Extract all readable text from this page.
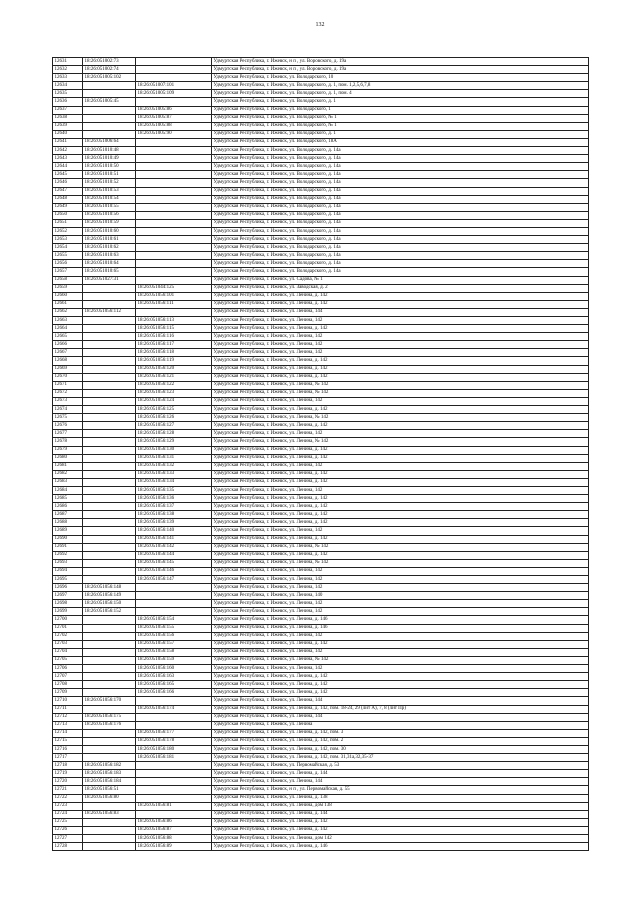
132
12631	18:26:051002:73		Удмуртская Республика, г. Ижевск, н п , ул. Воровского, д. 19а
12632	18:26:051002:74		Удмуртская Республика, г. Ижевск, н п , ул. Воровского, д. 19а
12633	18:26:051005:102		Удмуртская Республика, г. Ижевск, ул. Володарского, 10
12634		18:26:051007:101	Удмуртская Республика, г. Ижевск, ул. Володарского, д. 1, пом. 1,2,5,6,7,8
12635		18:26:051005:109	Удмуртская Республика, г. Ижевск, ул. Володарского, д. 1, пом. 4
12636	18:26:051005:45		Удмуртская Республика, г. Ижевск, ул. Володарского, д. 1
12637		18:26:051005:86	Удмуртская Республика, г. Ижевск, ул. Володарского, 1
12638		18:26:051005:87	Удмуртская Республика, г. Ижевск, ул. Володарского, № 1
12639		18:26:051005:88	Удмуртская Республика, г. Ижевск, ул. Володарского, № 1
12640		18:26:051005:90	Удмуртская Республика, г. Ижевск, ул. Володарского, д. 1
12641	18:26:051006:64		Удмуртская Республика, г. Ижевск, ул. Володарского, 18А
12642	18:26:051010:48		Удмуртская Республика, г. Ижевск, ул. Володарского, д. 14а
12643	18:26:051010:49		Удмуртская Республика, г. Ижевск, ул. Володарского, д. 14а
12644	18:26:051010:50		Удмуртская Республика, г. Ижевск, ул. Володарского, д. 14а
12645	18:26:051010:51		Удмуртская Республика, г. Ижевск, ул. Володарского, д. 14а
12646	18:26:051010:52		Удмуртская Республика, г. Ижевск, ул. Володарского, д. 14а
12647	18:26:051010:53		Удмуртская Республика, г. Ижевск, ул. Володарского, д. 14а
12648	18:26:051010:54		Удмуртская Республика, г. Ижевск, ул. Володарского, д. 14а
12649	18:26:051010:55		Удмуртская Республика, г. Ижевск, ул. Володарского, д. 14а
12650	18:26:051010:56		Удмуртская Республика, г. Ижевск, ул. Володарского, д. 14а
12651	18:26:051010:59		Удмуртская Республика, г. Ижевск, ул. Володарского, д. 14а
12652	18:26:051010:60		Удмуртская Республика, г. Ижевск, ул. Володарского, д. 14а
12653	18:26:051010:61		Удмуртская Республика, г. Ижевск, ул. Володарского, д. 14а
12654	18:26:051010:62		Удмуртская Республика, г. Ижевск, ул. Володарского, д. 14а
12655	18:26:051010:63		Удмуртская Республика, г. Ижевск, ул. Володарского, д. 14а
12656	18:26:051010:64		Удмуртская Республика, г. Ижевск, ул. Володарского, д. 14а
12657	18:26:051010:65		Удмуртская Республика, г. Ижевск, ул. Володарского, д. 14а
12658	18:26:051027:31		Удмуртская Республика, г. Ижевск, ул. Садова, № 1
12659		18:26:051044:125	Удмуртская Республика, г. Ижевск, ул. Заводская, д. 2
12660		18:26:051056:101	Удмуртская Республика, г. Ижевск, ул. Ленина, д. 142
12661		18:26:051056:111	Удмуртская Республика, г. Ижевск, ул. Ленина, д. 142
12662	18:26:051056:112		Удмуртская Республика, г. Ижевск, ул. Ленина, 144
12663		18:26:051056:113	Удмуртская Республика, г. Ижевск, ул. Ленина, 142
12664		18:26:051056:115	Удмуртская Республика, г. Ижевск, ул. Ленина, д. 142
12665		18:26:051056:116	Удмуртская Республика, г. Ижевск, ул. Ленина, 142
12666		18:26:051056:117	Удмуртская Республика, г. Ижевск, ул. Ленина, 142
12667		18:26:051056:118	Удмуртская Республика, г. Ижевск, ул. Ленина, 142
12668		18:26:051056:119	Удмуртская Республика, г. Ижевск, ул. Ленина, д. 142
12669		18:26:051056:120	Удмуртская Республика, г. Ижевск, ул. Ленина, д. 142
12670		18:26:051056:121	Удмуртская Республика, г. Ижевск, ул. Ленина, д. 142
12671		18:26:051056:122	Удмуртская Республика, г. Ижевск, ул. Ленина, № 142
12672		18:26:051056:123	Удмуртская Республика, г. Ижевск, ул. Ленина, № 142
12673		18:26:051056:124	Удмуртская Республика, г. Ижевск, ул. Ленина, 142
12674		18:26:051056:125	Удмуртская Республика, г. Ижевск, ул. Ленина, д. 142
12675		18:26:051056:126	Удмуртская Республика, г. Ижевск, ул. Ленина, № 142
12676		18:26:051056:127	Удмуртская Республика, г. Ижевск, ул. Ленина, д. 142
12677		18:26:051056:128	Удмуртская Республика, г. Ижевск, ул. Ленина, 142
12678		18:26:051056:129	Удмуртская Республика, г. Ижевск, ул. Ленина, № 142
12679		18:26:051056:130	Удмуртская Республика, г. Ижевск, ул. Ленина, д. 142
12680		18:26:051056:131	Удмуртская Республика, г. Ижевск, ул. Ленина, д. 142
12681		18:26:051056:132	Удмуртская Республика, г. Ижевск, ул. Ленина, 142
12682		18:26:051056:133	Удмуртская Республика, г. Ижевск, ул. Ленина, д. 142
12683		18:26:051056:134	Удмуртская Республика, г. Ижевск, ул. Ленина, д. 142
12684		18:26:051056:135	Удмуртская Республика, г. Ижевск, ул. Ленина, 142
12685		18:26:051056:136	Удмуртская Республика, г. Ижевск, ул. Ленина, д. 142
12686		18:26:051056:137	Удмуртская Республика, г. Ижевск, ул. Ленина, д. 142
12687		18:26:051056:138	Удмуртская Республика, г. Ижевск, ул. Ленина, д. 142
12688		18:26:051056:139	Удмуртская Республика, г. Ижевск, ул. Ленина, д. 142
12689		18:26:051056:140	Удмуртская Республика, г. Ижевск, ул. Ленина, 142
12690		18:26:051056:141	Удмуртская Республика, г. Ижевск, ул. Ленина, д. 142
12691		18:26:051056:142	Удмуртская Республика, г. Ижевск, ул. Ленина, № 142
12692		18:26:051056:144	Удмуртская Республика, г. Ижевск, ул. Ленина, д. 142
12693		18:26:051056:145	Удмуртская Республика, г. Ижевск, ул. Ленина, № 142
12694		18:26:051056:146	Удмуртская Республика, г. Ижевск, ул. Ленина, 142
12695		18:26:051056:147	Удмуртская Республика, г. Ижевск, ул. Ленина, 142
12696	18:26:051056:148		Удмуртская Республика, г. Ижевск, ул. Ленина, 142
12697	18:26:051056:149		Удмуртская Республика, г. Ижевск, ул. Ленина, 140
12698	18:26:051056:150		Удмуртская Республика, г. Ижевск, ул. Ленина, 142
12699	18:26:051056:152		Удмуртская Республика, г. Ижевск, ул. Ленина, 142
12700		18:26:051056:154	Удмуртская Республика, г. Ижевск, ул. Ленина, д. 146
12701		18:26:051056:155	Удмуртская Республика, г. Ижевск, ул. Ленина, д. 146
12702		18:26:051056:156	Удмуртская Республика, г. Ижевск, ул. Ленина, 142
12703		18:26:051056:157	Удмуртская Республика, г. Ижевск, ул. Ленина, д. 142
12704		18:26:051056:158	Удмуртская Республика, г. Ижевск, ул. Ленина, 142
12705		18:26:051056:159	Удмуртская Республика, г. Ижевск, ул. Ленина, № 142
12706		18:26:051056:160	Удмуртская Республика, г. Ижевск, ул. Ленина, 142
12707		18:26:051056:163	Удмуртская Республика, г. Ижевск, ул. Ленина, д. 142
12708		18:26:051056:165	Удмуртская Республика, г. Ижевск, ул. Ленина, д. 142
12709		18:26:051056:166	Удмуртская Республика, г. Ижевск, ул. Ленина, д. 142
12710	18:26:051056:170		Удмуртская Республика, г. Ижевск, ул. Ленина, 144
12711		18:26:051056:174	Удмуртская Республика, г. Ижевск, ул. Ленина, д. 142, пом. 18-24, 29 (лит А), 7, 8 (лит Пр)
12712	18:26:051056:175		Удмуртская Республика, г. Ижевск, ул. Ленина, 144
12713	18:26:051056:176		Удмуртская Республика, г. Ижевск, ул. Ленина
12714		18:26:051056:177	Удмуртская Республика, г. Ижевск, ул. Ленина, д. 142, пом. 3
12715		18:26:051056:178	Удмуртская Республика, г. Ижевск, ул. Ленина, д. 142, пом. 2
12716		18:26:051056:180	Удмуртская Республика, г. Ижевск, ул. Ленина, д. 142, пом. 30
12717		18:26:051056:181	Удмуртская Республика, г. Ижевск, ул. Ленина, д. 142, пом. 31,31а,32,35-37
12718	18:26:051056:182		Удмуртская Республика, г. Ижевск, ул. Первомайская, д. 53
12719	18:26:051056:183		Удмуртская Республика, г. Ижевск, ул. Ленина, д. 144
12720	18:26:051056:184		Удмуртская Республика, г. Ижевск, ул. Ленина, 144
12721	18:26:051056:51		Удмуртская Республика, г. Ижевск, н п , ул. Первомайская, д. 55
12722	18:26:051056:80		Удмуртская Республика, г. Ижевск, ул. Ленина, д. 138
12723		18:26:051056:81	Удмуртская Республика, г. Ижевск, ул. Ленина, дом 138
12724	18:26:051056:83		Удмуртская Республика, г. Ижевск, ул. Ленина, д. 144
12725		18:26:051056:86	Удмуртская Республика, г. Ижевск, ул. Ленина, д. 142
12726		18:26:051056:87	Удмуртская Республика, г. Ижевск, ул. Ленина, д. 142
12727		18:26:051056:88	Удмуртская Республика, г. Ижевск, ул. Ленина, дом 142
12728		18:26:051056:89	Удмуртская Республика, г. Ижевск, ул. Ленина, д. 146
